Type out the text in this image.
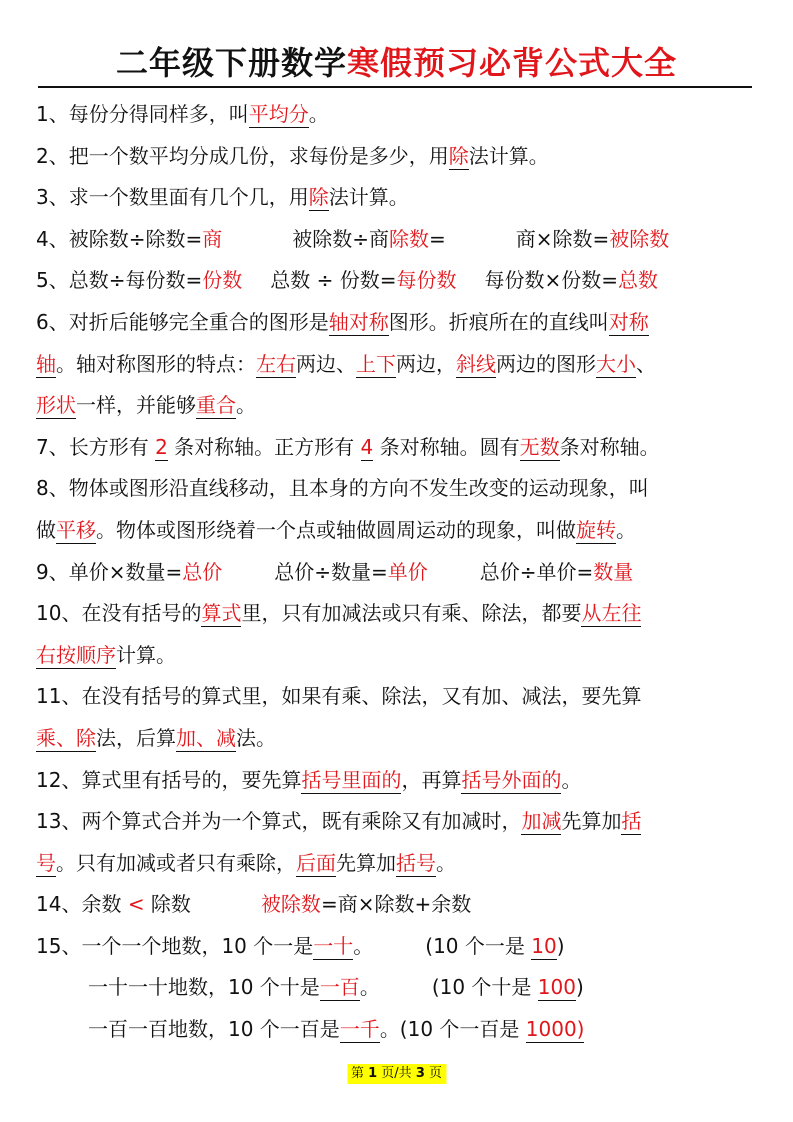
二年级下册数学寒假预习必背公式大全
1、每份分得同样多，叫平均分。
2、把一个数平均分成几份，求每份是多少，用除法计算。
3、求一个数里面有几个几，用除法计算。
4、被除数÷除数=商	被除数÷商除数=	商×除数=被除数
5、总数÷每份数=份数 总数 ÷ 份数=每份数 每份数×份数=总数
6、对折后能够完全重合的图形是轴对称图形。折痕所在的直线叫对称
轴。轴对称图形的特点：左右两边、上下两边，斜线两边的图形大小、
形状一样，并能够重合。
7、长方形有 2 条对称轴。正方形有 4 条对称轴。圆有无数条对称轴。
8、物体或图形沿直线移动，且本身的方向不发生改变的运动现象，叫
做平移。物体或图形绕着一个点或轴做圆周运动的现象，叫做旋转。
9、单价×数量=总价	总价÷数量=单价	总价÷单价=数量
10、在没有括号的算式里，只有加减法或只有乘、除法，都要从左往
右按顺序计算。
11、在没有括号的算式里，如果有乘、除法，又有加、减法，要先算
乘、除法，后算加、减法。
12、算式里有括号的，要先算括号里面的，再算括号外面的。
13、两个算式合并为一个算式，既有乘除又有加减时，加减先算加括
号。只有加减或者只有乘除，后面先算加括号。
14、余数 < 除数	被除数=商×除数+余数
15、一个一个地数，10 个一是一十。	(10 个一是 10)
一十一十地数，10 个十是一百。	(10 个十是 100)
一百一百地数，10 个一百是一千。(10 个一百是 1000)
第 1 页/共 3 页
